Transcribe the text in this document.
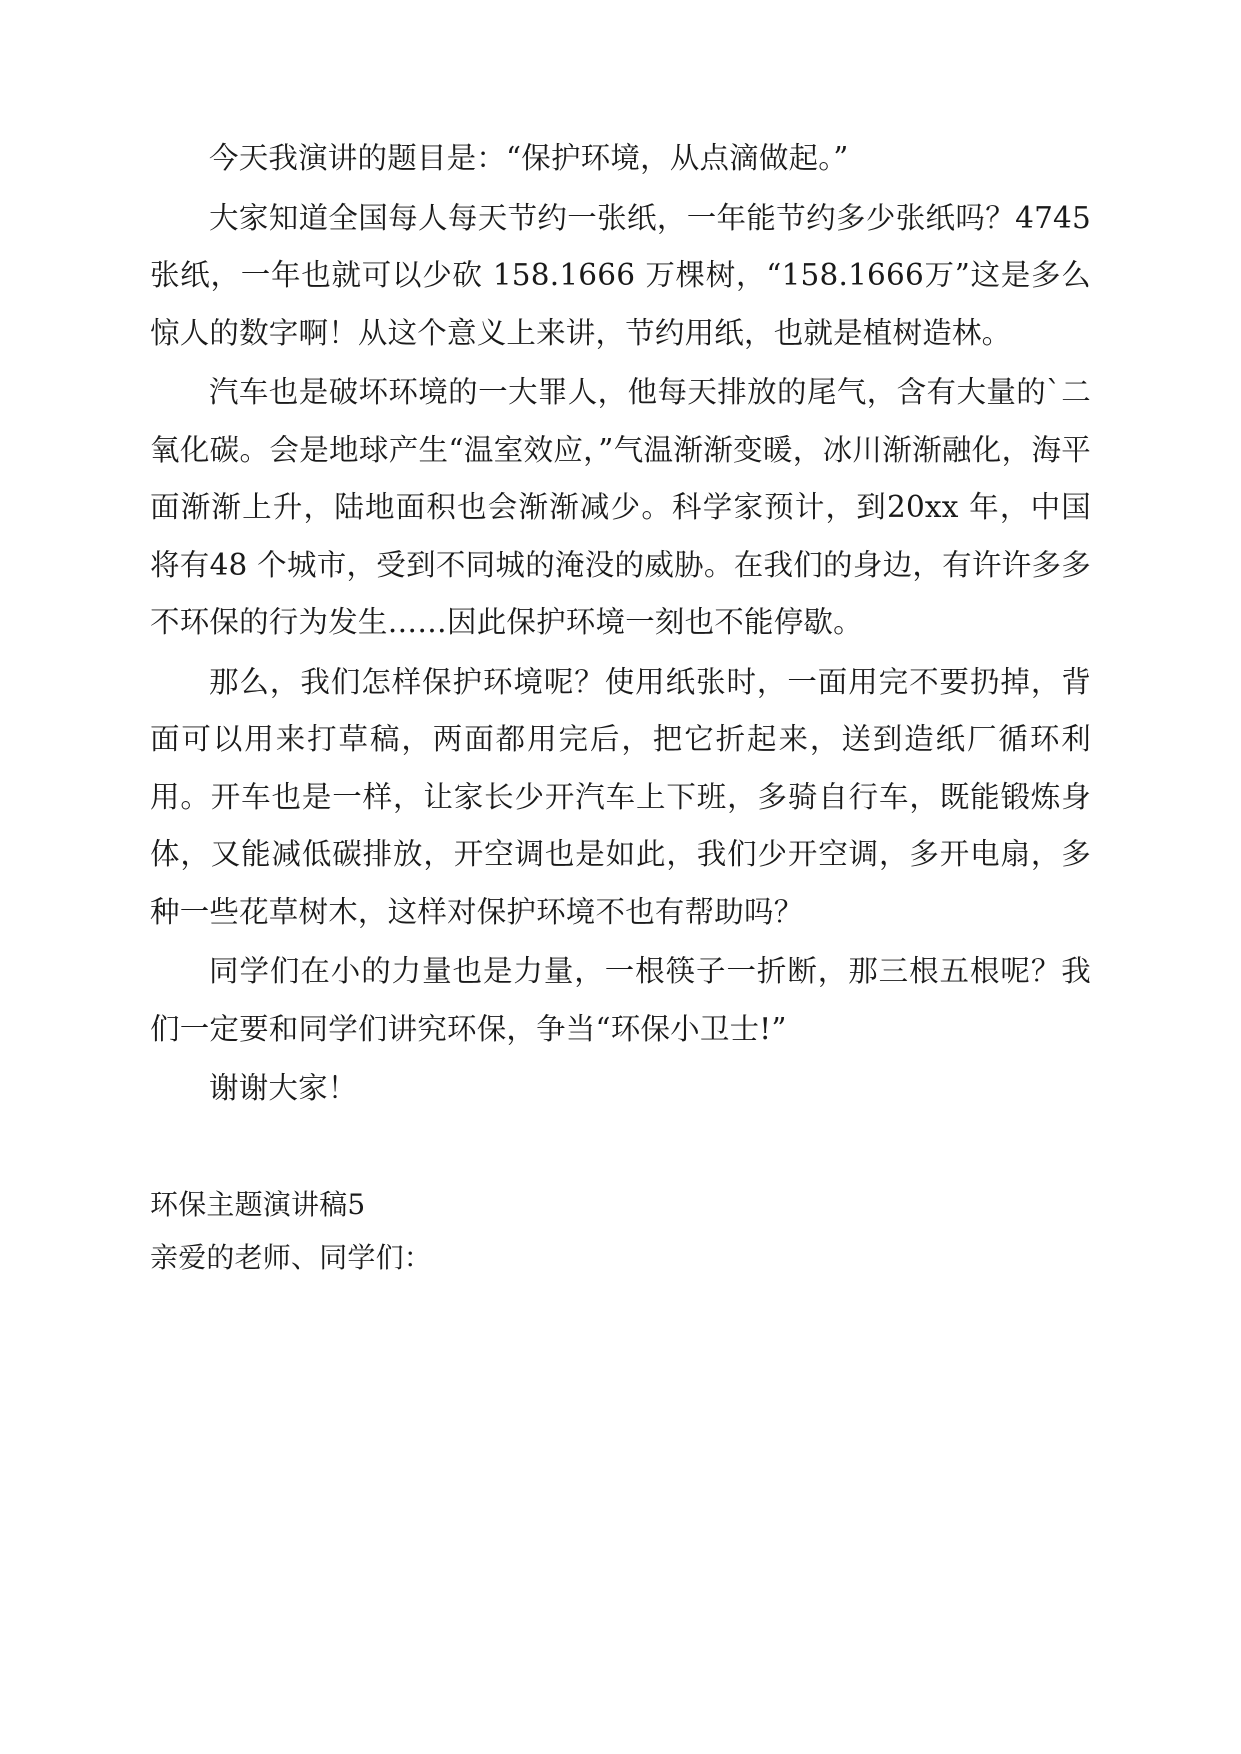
今天我演讲的题目是：“保护环境，从点滴做起。”

大家知道全国每人每天节约一张纸，一年能节约多少张纸吗？4745 张纸，一年也就可以少砍 158.1666 万棵树，“158.1666万”这是多么惊人的数字啊！从这个意义上来讲，节约用纸，也就是植树造林。

汽车也是破坏环境的一大罪人，他每天排放的尾气，含有大量的`二氧化碳。会是地球产生“温室效应，”气温渐渐变暖，冰川渐渐融化，海平面渐渐上升，陆地面积也会渐渐减少。科学家预计，到20xx 年，中国将有48 个城市，受到不同城的淹没的威胁。在我们的身边，有许许多多不环保的行为发生……因此保护环境一刻也不能停歇。

那么，我们怎样保护环境呢？使用纸张时，一面用完不要扔掉，背面可以用来打草稿，两面都用完后，把它折起来，送到造纸厂循环利用。开车也是一样，让家长少开汽车上下班，多骑自行车，既能锻炼身体，又能减低碳排放，开空调也是如此，我们少开空调，多开电扇，多种一些花草树木，这样对保护环境不也有帮助吗？

同学们在小的力量也是力量，一根筷子一折断，那三根五根呢？我们一定要和同学们讲究环保，争当“环保小卫士!”

谢谢大家！

环保主题演讲稿5

亲爱的老师、同学们：
